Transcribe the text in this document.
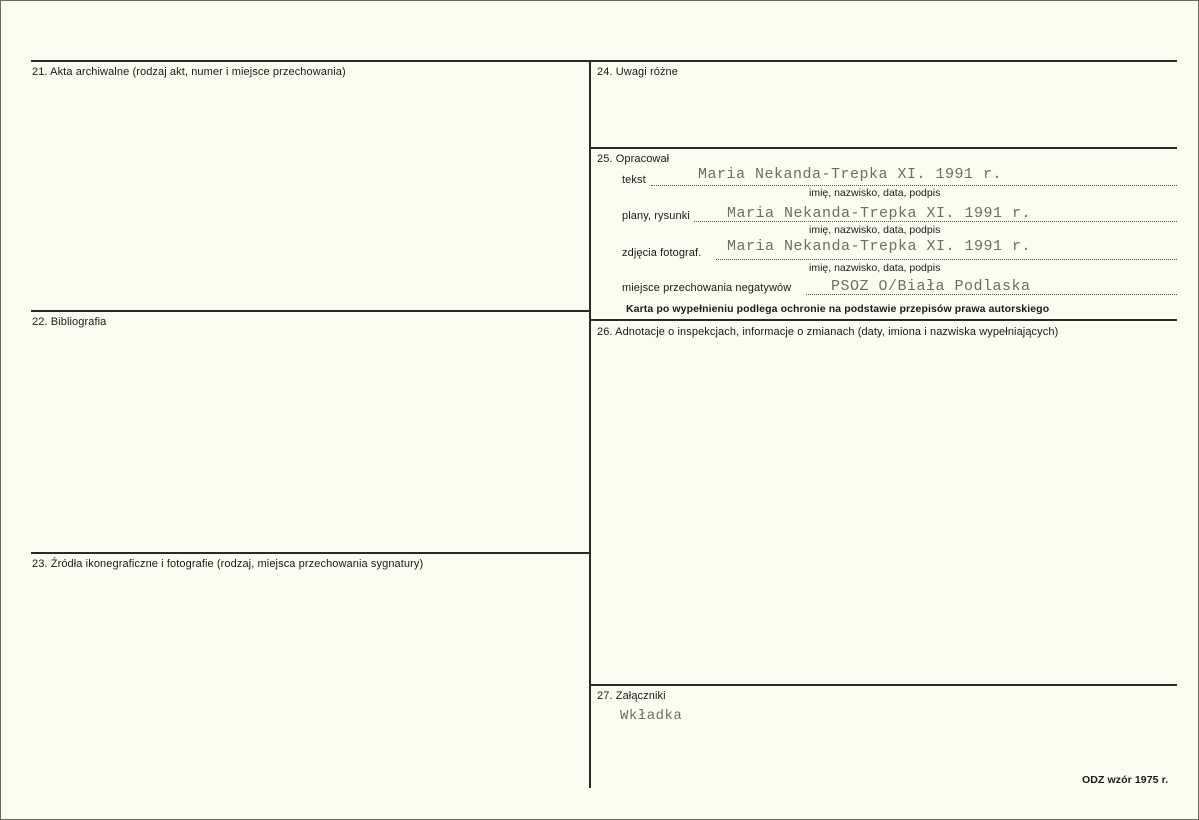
21. Akta archiwalne (rodzaj akt, numer i miejsce przechowania)
22. Bibliografia
23. Źródła ikonegraficzne i fotografie (rodzaj, miejsca przechowania sygnatury)
24. Uwagi różne
25. Opracował
tekst	Maria Nekanda-Trepka XI. 1991 r.
imię, nazwisko, data, podpis
plany, rysunki Maria Nekanda-Trepka XI. 1991 r.
imię, nazwisko, data, podpis
zdjęcia fotograf. Maria Nekanda-Trepka XI. 1991 r.
imię, nazwisko, data, podpis
miejsce przechowania negatywów	PSOZ O/Biała Podlaska
Karta po wypełnieniu podlega ochronie na podstawie przepisów prawa autorskiego
26. Adnotacje o inspekcjach, informacje o zmianach (daty, imiona i nazwiska wypełniających)
27. Załączniki
Wkładka
ODZ wzór 1975 r.
